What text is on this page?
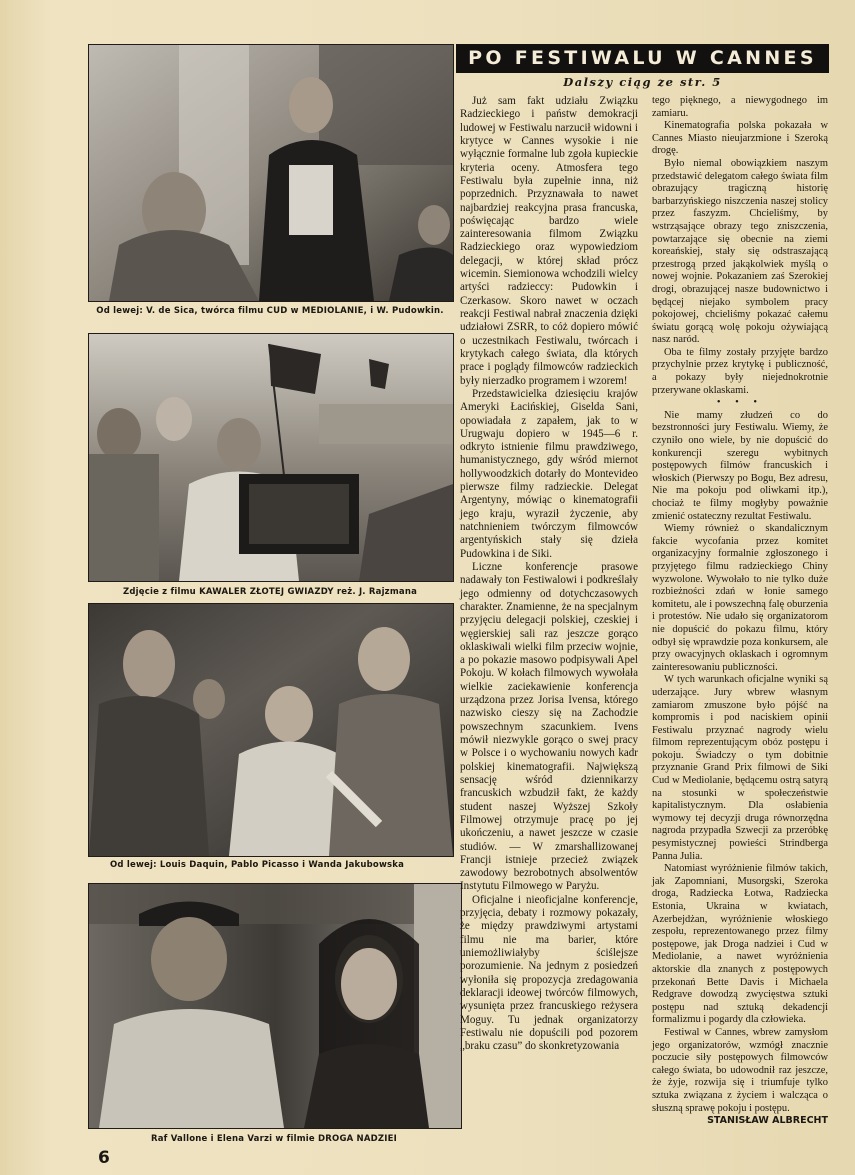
Od lewej: V. de Sica, twórca filmu CUD w MEDIOLANIE, i W. Pudowkin.
Zdjęcie z filmu KAWALER ZŁOTEJ GWIAZDY reż. J. Rajzmana
Od lewej: Louis Daquin, Pablo Picasso i Wanda Jakubowska
Raf Vallone i Elena Varzi w filmie DROGA NADZIEI
PO FESTIWALU W CANNES
Dalszy ciąg ze str. 5

Już sam fakt udziału Związku Radzieckiego i państw demokracji ludowej w Festiwalu narzucił widowni i krytyce w Cannes wysokie i nie wyłącznie formalne lub zgoła kupieckie kryteria oceny. Atmosfera tego Festiwalu była zupełnie inna, niż poprzednich. Przyznawała to nawet najbardziej reakcyjna prasa francuska, poświęcając bardzo wiele zainteresowania filmom Związku Radzieckiego oraz wypowiedziom delegacji, w której skład prócz wicemin. Siemionowa wchodzili wielcy artyści radzieccy: Pudowkin i Czerkasow. Skoro nawet w oczach reakcji Festiwal nabrał znaczenia dzięki udziałowi ZSRR, to cóż dopiero mówić o uczestnikach Festiwalu, twórcach i krytykach całego świata, dla których prace i poglądy filmowców radzieckich były nierzadko programem i wzorem!

Przedstawicielka dziesięciu krajów Ameryki Łacińskiej, Giselda Sani, opowiadała z zapałem, jak to w Urugwaju dopiero w 1945—6 r. odkryto istnienie filmu prawdziwego, humanistycznego, gdy wśród miernot hollywoodzkich dotarły do Montevideo pierwsze filmy radzieckie. Delegat Argentyny, mówiąc o kinematografii jego kraju, wyraził życzenie, aby natchnieniem twórczym filmowców argentyńskich stały się dzieła Pudowkina i de Siki.

Liczne konferencje prasowe nadawały ton Festiwalowi i podkreślały jego odmienny od dotychczasowych charakter. Znamienne, że na specjalnym przyjęciu delegacji polskiej, czeskiej i węgierskiej sali raz jeszcze gorąco oklaskiwali wielki film przeciw wojnie, a po pokazie masowo podpisywali Apel Pokoju. W kołach filmowych wywołała wielkie zaciekawienie konferencja urządzona przez Jorisa Ivensa, którego nazwisko cieszy się na Zachodzie powszechnym szacunkiem. Ivens mówił niezwykle gorąco o swej pracy w Polsce i o wychowaniu nowych kadr polskiej kinematografii. Największą sensację wśród dziennikarzy francuskich wzbudził fakt, że każdy student naszej Wyższej Szkoły Filmowej otrzymuje pracę po jej ukończeniu, a nawet jeszcze w czasie studiów. — W zmarshallizowanej Francji istnieje przecież związek zawodowy bezrobotnych absolwentów Instytutu Filmowego w Paryżu.

Oficjalne i nieoficjalne konferencje, przyjęcia, debaty i rozmowy pokazały, że między prawdziwymi artystami filmu nie ma barier, które uniemożliwiałyby ściślejsze porozumienie. Na jednym z posiedzeń wyłoniła się propozycja zredagowania deklaracji ideowej twórców filmowych, wysunięta przez francuskiego reżysera Moguy. Tu jednak organizatorzy Festiwalu nie dopuścili pod pozorem „braku czasu” do skonkretyzowania

tego pięknego, a niewygodnego im zamiaru.

Kinematografia polska pokazała w Cannes Miasto nieujarzmione i Szeroką drogę.

Było niemal obowiązkiem naszym przedstawić delegatom całego świata film obrazujący tragiczną historię barbarzyńskiego niszczenia naszej stolicy przez faszyzm. Chcieliśmy, by wstrząsające obrazy tego zniszczenia, powtarzające się obecnie na ziemi koreańskiej, stały się odstraszającą przestrogą przed jakąkolwiek myślą o nowej wojnie. Pokazaniem zaś Szerokiej drogi, obrazującej nasze budownictwo i będącej niejako symbolem pracy pokojowej, chcieliśmy pokazać całemu światu gorącą wolę pokoju ożywiającą nasz naród.

Oba te filmy zostały przyjęte bardzo przychylnie przez krytykę i publiczność, a pokazy były niejednokrotnie przerywane oklaskami.

• • •

Nie mamy złudzeń co do bezstronności jury Festiwalu. Wiemy, że czyniło ono wiele, by nie dopuścić do konkurencji szeregu wybitnych postępowych filmów francuskich i włoskich (Pierwszy po Bogu, Bez adresu, Nie ma pokoju pod oliwkami itp.), chociaż te filmy mogłyby poważnie zmienić ostateczny rezultat Festiwalu.

Wiemy również o skandalicznym fakcie wycofania przez komitet organizacyjny formalnie zgłoszonego i przyjętego filmu radzieckiego Chiny wyzwolone. Wywołało to nie tylko duże rozbieżności zdań w łonie samego komitetu, ale i powszechną falę oburzenia i protestów. Nie udało się organizatorom nie dopuścić do pokazu filmu, który odbył się wprawdzie poza konkursem, ale przy owacyjnych oklaskach i ogromnym zainteresowaniu publiczności.

W tych warunkach oficjalne wyniki są uderzające. Jury wbrew własnym zamiarom zmuszone było pójść na kompromis i pod naciskiem opinii Festiwalu przyznać nagrody wielu filmom reprezentującym obóz postępu i pokoju. Świadczy o tym dobitnie przyznanie Grand Prix filmowi de Siki Cud w Mediolanie, będącemu ostrą satyrą na stosunki w społeczeństwie kapitalistycznym. Dla osłabienia wymowy tej decyzji druga równorzędna nagroda przypadła Szwecji za przeróbkę pesymistycznej powieści Strindberga Panna Julia.

Natomiast wyróżnienie filmów takich, jak Zapomniani, Musorgski, Szeroka droga, Radziecka Łotwa, Radziecka Estonia, Ukraina w kwiatach, Azerbejdżan, wyróżnienie włoskiego zespołu, reprezentowanego przez filmy postępowe, jak Droga nadziei i Cud w Mediolanie, a nawet wyróżnienia aktorskie dla znanych z postępowych przekonań Bette Davis i Michaela Redgrave dowodzą zwycięstwa sztuki postępu nad sztuką dekadencji formalizmu i pogardy dla człowieka.

Festiwal w Cannes, wbrew zamysłom jego organizatorów, wzmógł znacznie poczucie siły postępowych filmowców całego świata, bo udowodnił raz jeszcze, że żyje, rozwija się i triumfuje tylko sztuka związana z życiem i walcząca o słuszną sprawę pokoju i postępu.

STANISŁAW ALBRECHT

6
